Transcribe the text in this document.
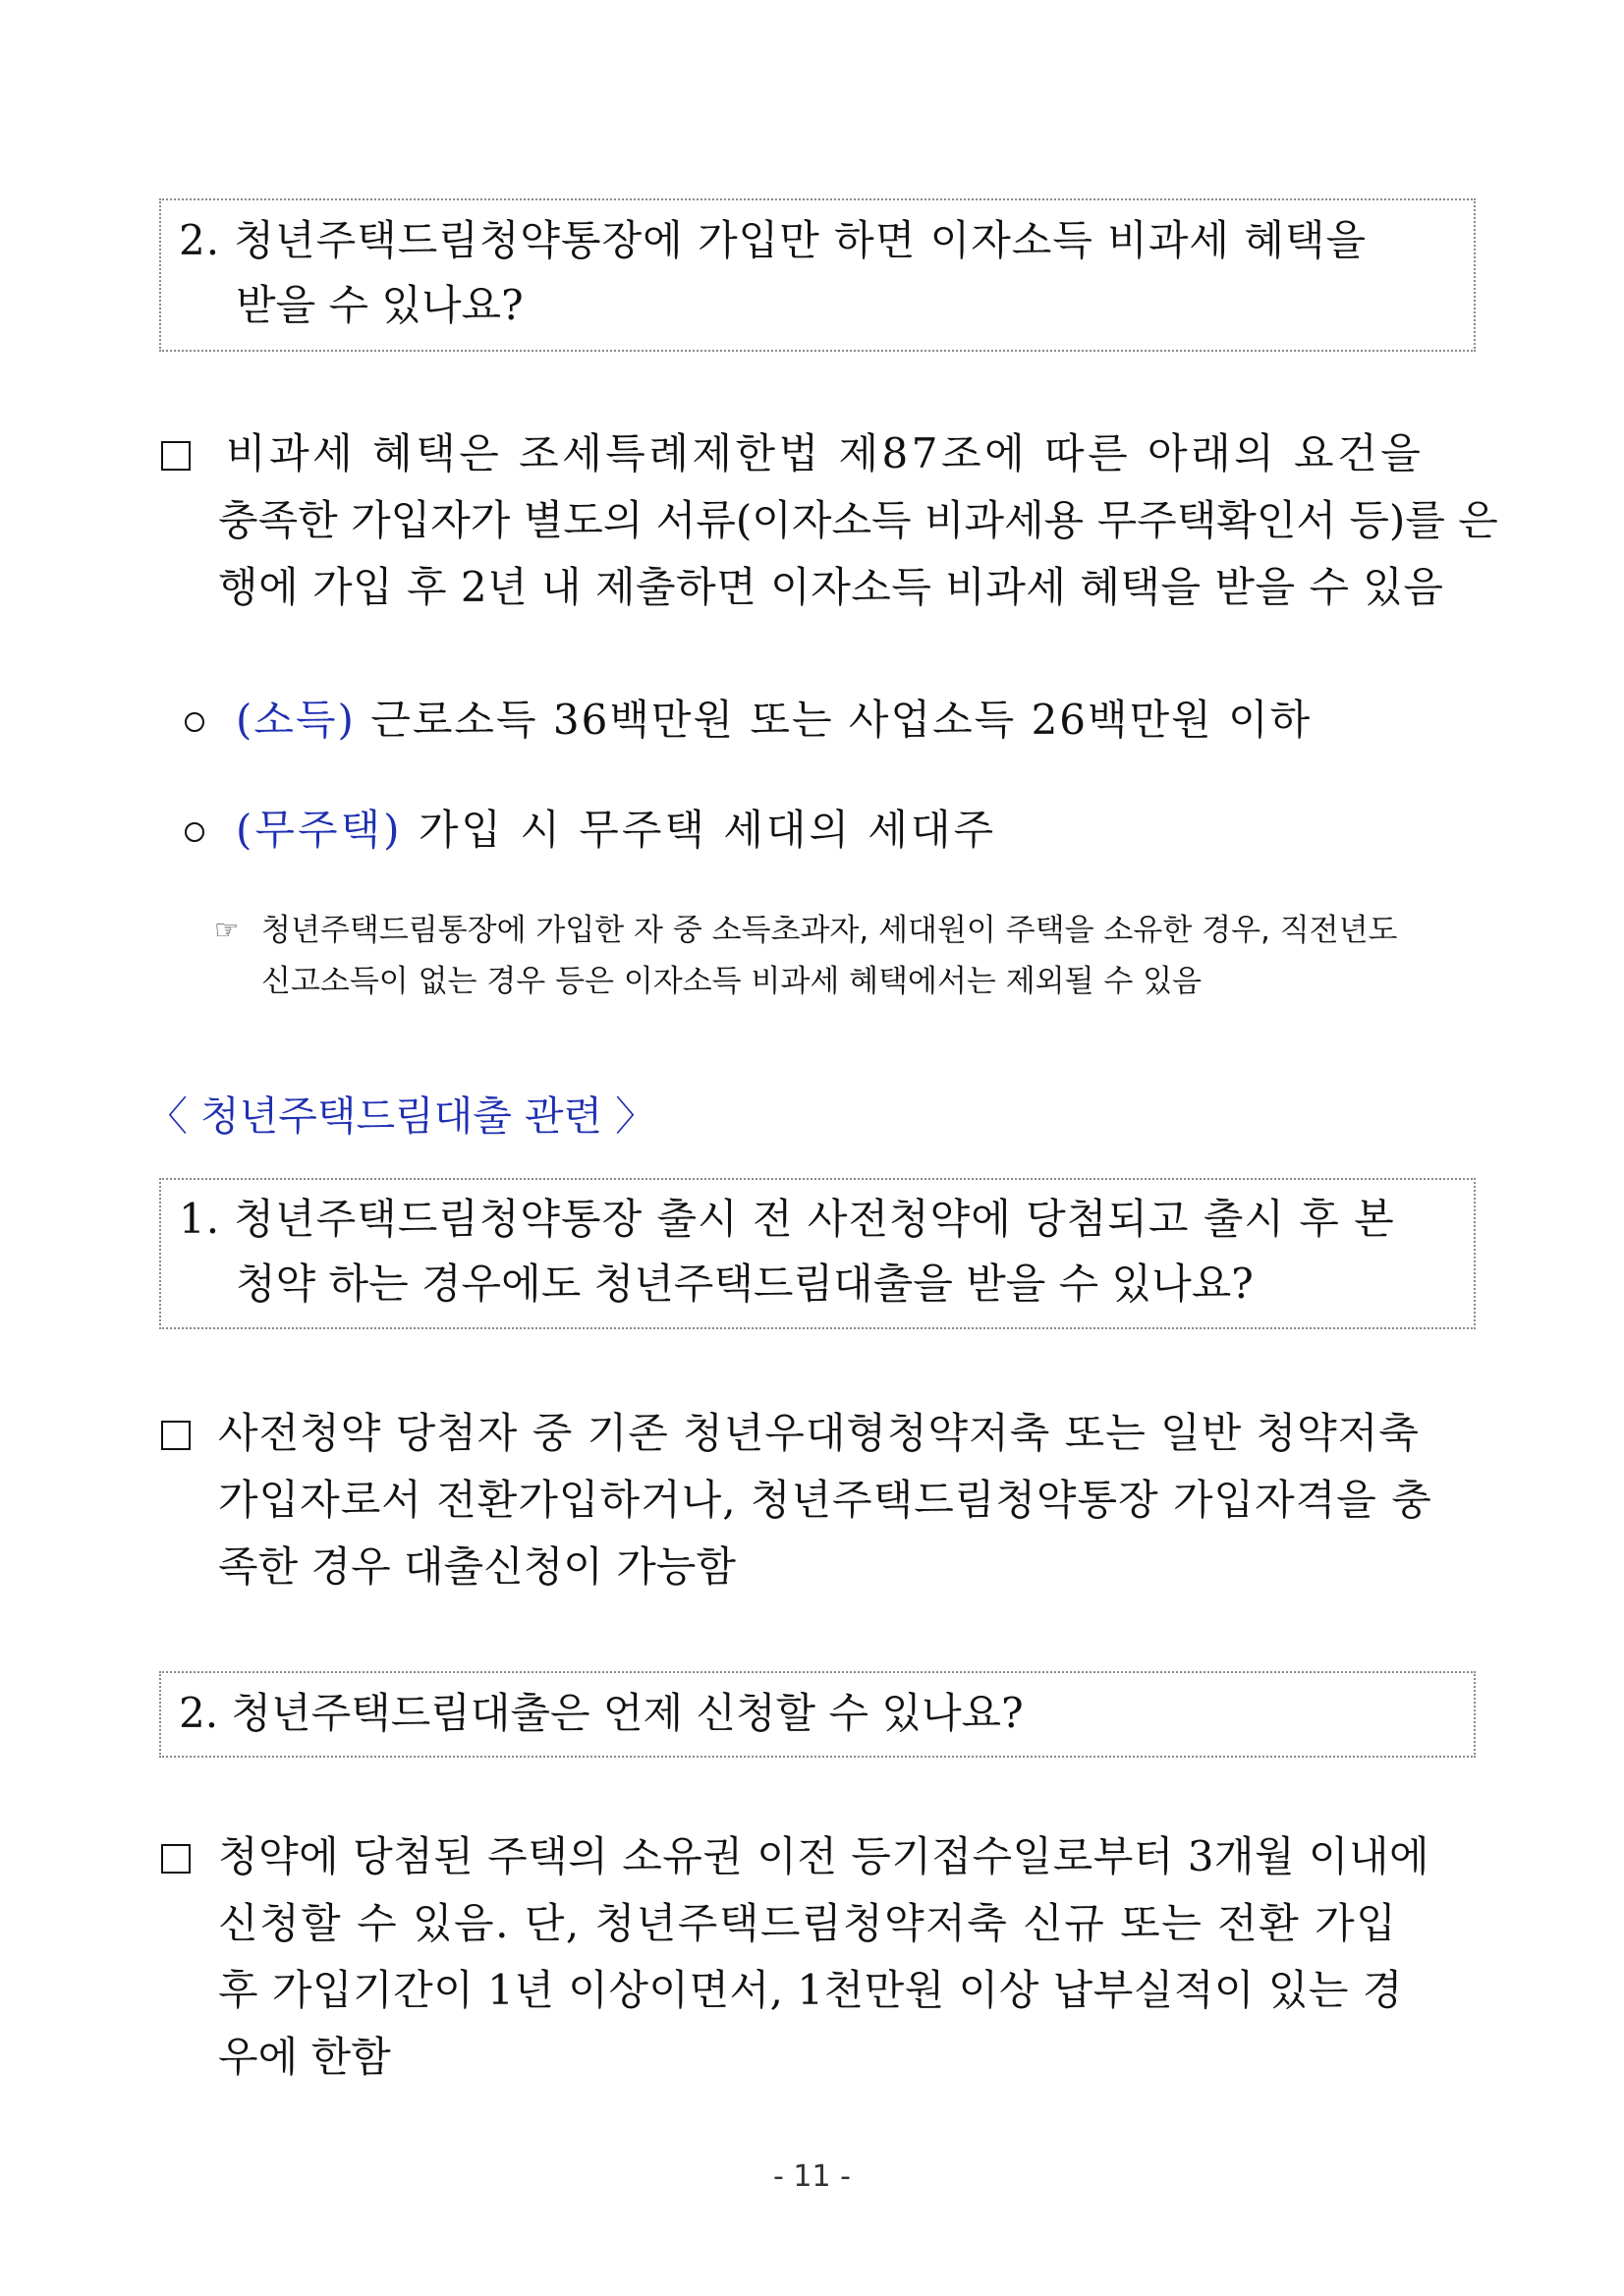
2. 청년주택드림청약통장에 가입만 하면 이자소득 비과세 혜택을
받을 수 있나요?
비과세 혜택은 조세특례제한법 제87조에 따른 아래의 요건을
충족한 가입자가 별도의 서류(이자소득 비과세용 무주택확인서 등)를 은
행에 가입 후 2년 내 제출하면 이자소득 비과세 혜택을 받을 수 있음
(소득) 근로소득 36백만원 또는 사업소득 26백만원 이하
(무주택) 가입 시 무주택 세대의 세대주
☞ 청년주택드림통장에 가입한 자 중 소득초과자, 세대원이 주택을 소유한 경우, 직전년도
신고소득이 없는 경우 등은 이자소득 비과세 혜택에서는 제외될 수 있음
〈 청년주택드림대출 관련 〉
1. 청년주택드림청약통장 출시 전 사전청약에 당첨되고 출시 후 본
청약 하는 경우에도 청년주택드림대출을 받을 수 있나요?
사전청약 당첨자 중 기존 청년우대형청약저축 또는 일반 청약저축
가입자로서 전환가입하거나, 청년주택드림청약통장 가입자격을 충
족한 경우 대출신청이 가능함
2. 청년주택드림대출은 언제 신청할 수 있나요?
청약에 당첨된 주택의 소유권 이전 등기접수일로부터 3개월 이내에
신청할 수 있음. 단, 청년주택드림청약저축 신규 또는 전환 가입
후 가입기간이 1년 이상이면서, 1천만원 이상 납부실적이 있는 경
우에 한함
- 11 -
